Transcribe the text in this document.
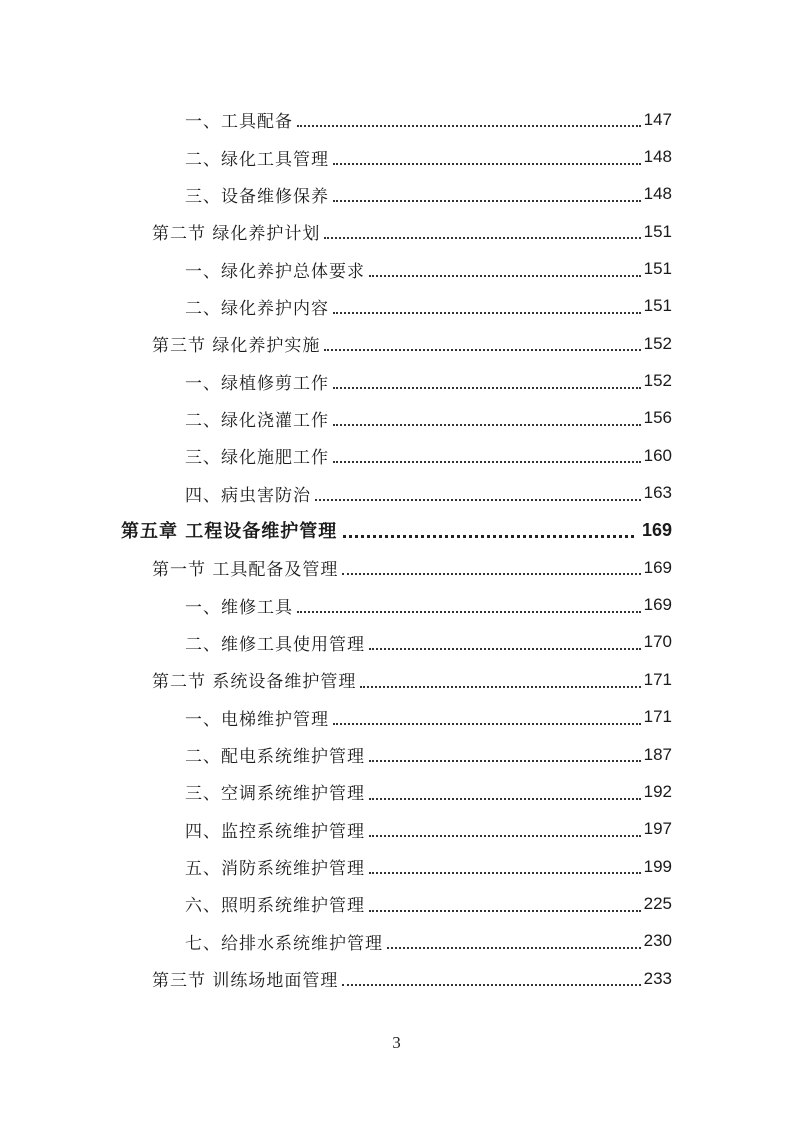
一、工具配备	147
二、绿化工具管理	148
三、设备维修保养	148
第二节 绿化养护计划	151
一、绿化养护总体要求	151
二、绿化养护内容	151
第三节 绿化养护实施	152
一、绿植修剪工作	152
二、绿化浇灌工作	156
三、绿化施肥工作	160
四、病虫害防治	163
第五章 工程设备维护管理	169
第一节 工具配备及管理	169
一、维修工具	169
二、维修工具使用管理	170
第二节 系统设备维护管理	171
一、电梯维护管理	171
二、配电系统维护管理	187
三、空调系统维护管理	192
四、监控系统维护管理	197
五、消防系统维护管理	199
六、照明系统维护管理	225
七、给排水系统维护管理	230
第三节 训练场地面管理	233
3
